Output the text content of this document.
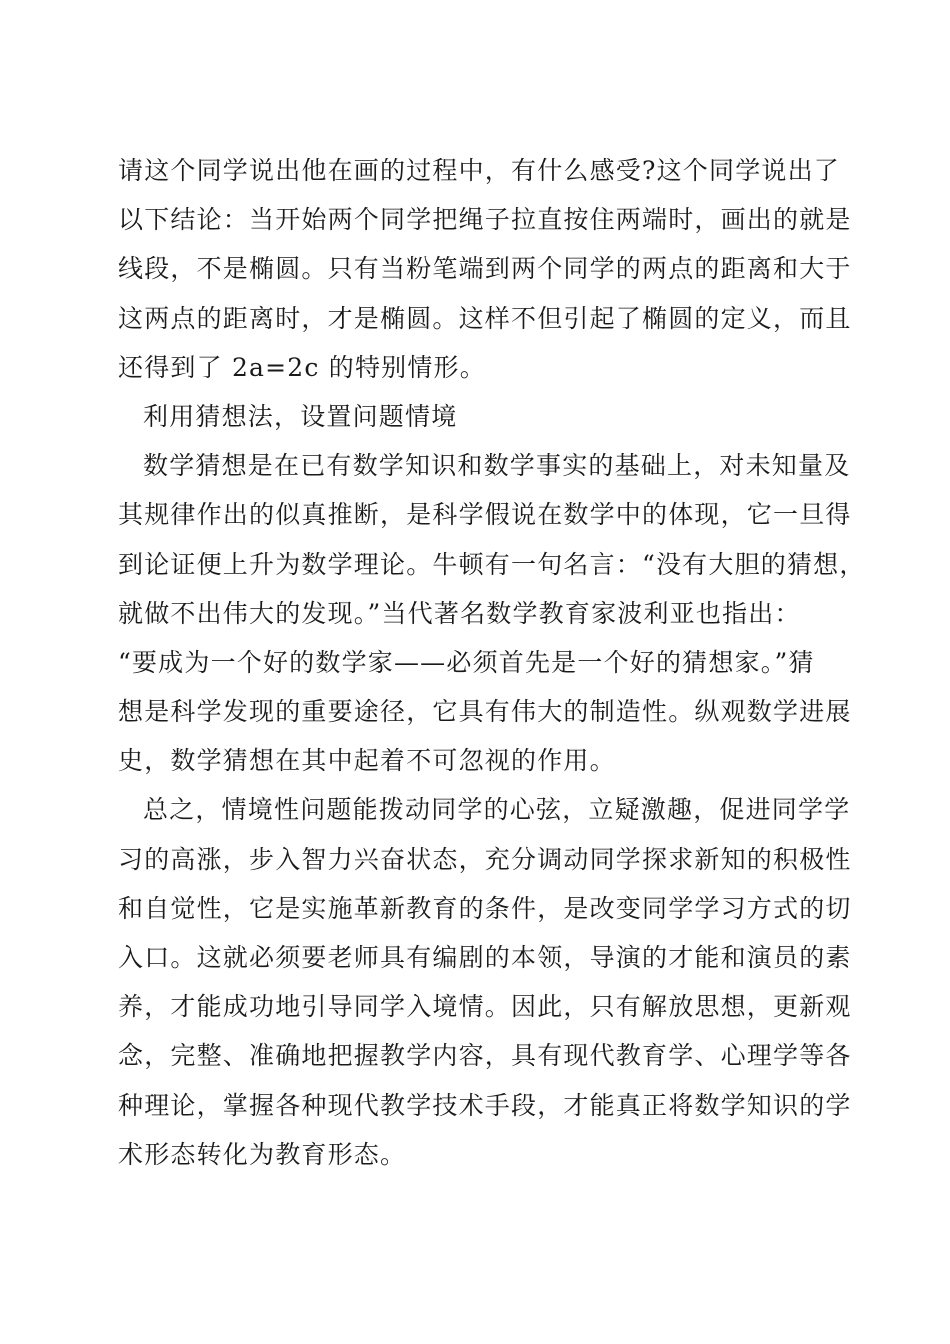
请这个同学说出他在画的过程中，有什么感受?这个同学说出了
以下结论：当开始两个同学把绳子拉直按住两端时，画出的就是
线段，不是椭圆。只有当粉笔端到两个同学的两点的距离和大于
这两点的距离时，才是椭圆。这样不但引起了椭圆的定义，而且
还得到了 2a=2c 的特别情形。
利用猜想法，设置问题情境
数学猜想是在已有数学知识和数学事实的基础上，对未知量及
其规律作出的似真推断，是科学假说在数学中的体现，它一旦得
到论证便上升为数学理论。牛顿有一句名言：“没有大胆的猜想，
就做不出伟大的发现。”当代著名数学教育家波利亚也指出：
“要成为一个好的数学家——必须首先是一个好的猜想家。”猜
想是科学发现的重要途径，它具有伟大的制造性。纵观数学进展
史，数学猜想在其中起着不可忽视的作用。
总之，情境性问题能拨动同学的心弦，立疑激趣，促进同学学
习的高涨，步入智力兴奋状态，充分调动同学探求新知的积极性
和自觉性，它是实施革新教育的条件，是改变同学学习方式的切
入口。这就必须要老师具有编剧的本领，导演的才能和演员的素
养，才能成功地引导同学入境情。因此，只有解放思想，更新观
念，完整、准确地把握教学内容，具有现代教育学、心理学等各
种理论，掌握各种现代教学技术手段，才能真正将数学知识的学
术形态转化为教育形态。
